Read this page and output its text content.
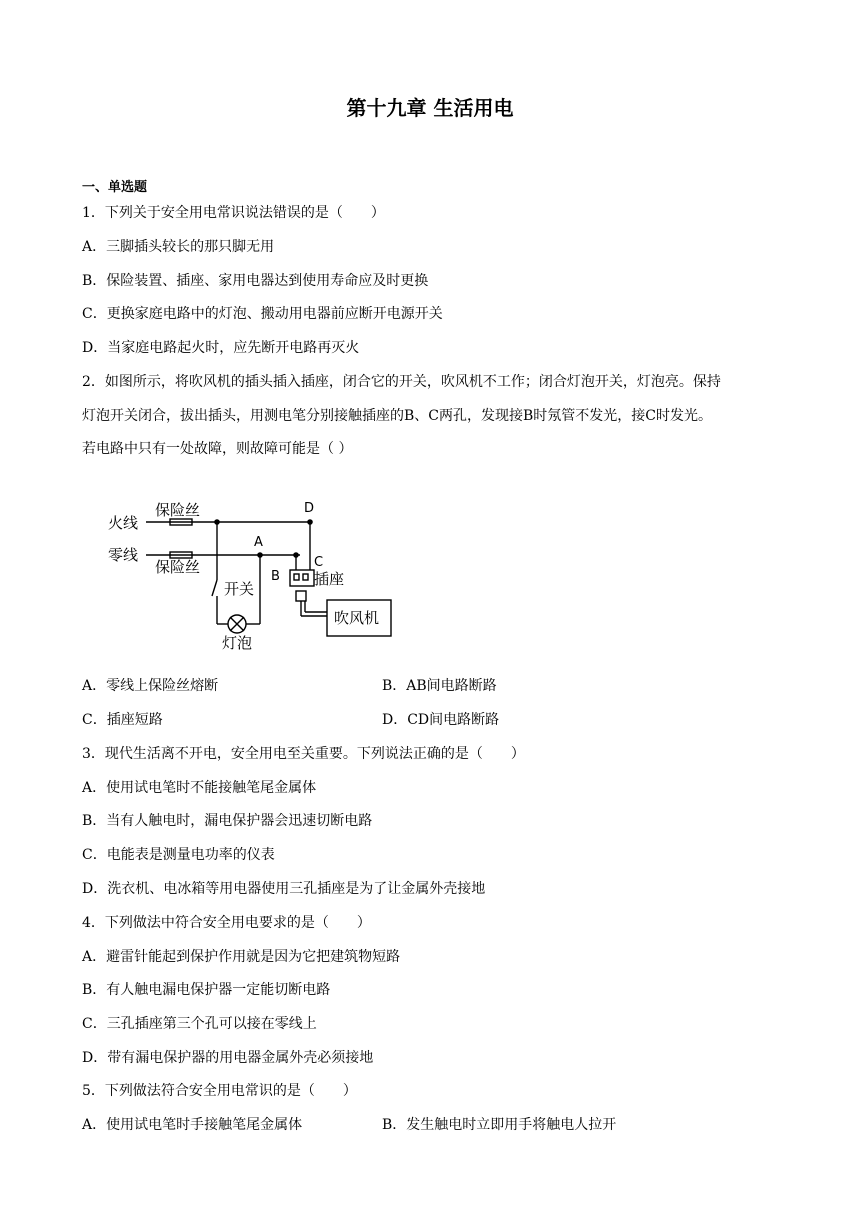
第十九章 生活用电
一、单选题
1．下列关于安全用电常识说法错误的是（　　）
A．三脚插头较长的那只脚无用
B．保险装置、插座、家用电器达到使用寿命应及时更换
C．更换家庭电路中的灯泡、搬动用电器前应断开电源开关
D．当家庭电路起火时，应先断开电路再灭火
2．如图所示，将吹风机的插头插入插座，闭合它的开关，吹风机不工作；闭合灯泡开关，灯泡亮。保持
灯泡开关闭合，拔出插头，用测电笔分别接触插座的B、C两孔，发现接B时氖管不发光，接C时发光。
若电路中只有一处故障，则故障可能是（ ）
火线
零线
保险丝
保险丝
A
B
C
D
开关
灯泡
插座
吹风机
A．零线上保险丝熔断	B．AB间电路断路
C．插座短路	D．CD间电路断路
3．现代生活离不开电，安全用电至关重要。下列说法正确的是（　　）
A．使用试电笔时不能接触笔尾金属体
B．当有人触电时，漏电保护器会迅速切断电路
C．电能表是测量电功率的仪表
D．洗衣机、电冰箱等用电器使用三孔插座是为了让金属外壳接地
4．下列做法中符合安全用电要求的是（　　）
A．避雷针能起到保护作用就是因为它把建筑物短路
B．有人触电漏电保护器一定能切断电路
C．三孔插座第三个孔可以接在零线上
D．带有漏电保护器的用电器金属外壳必须接地
5．下列做法符合安全用电常识的是（　　）
A．使用试电笔时手接触笔尾金属体	B．发生触电时立即用手将触电人拉开
